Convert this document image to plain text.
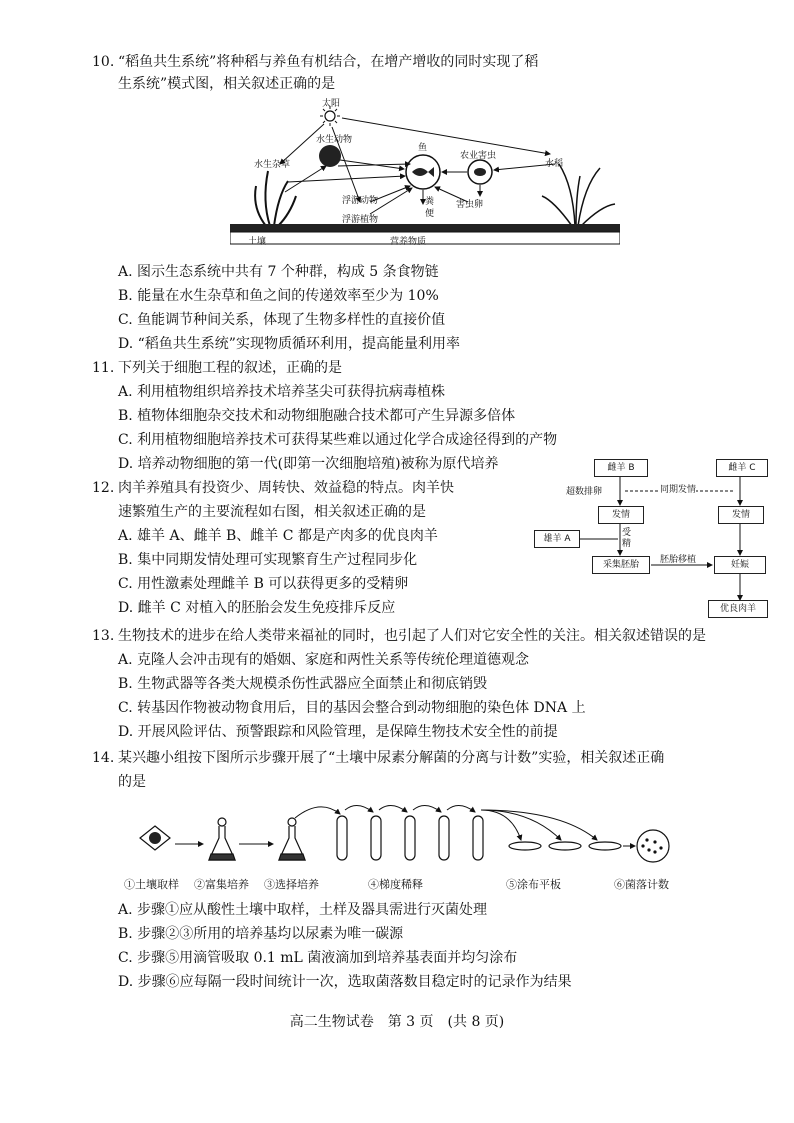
10. “稻鱼共生系统”将种稻与养鱼有机结合，在增产增收的同时实现了稻
生系统”模式图，相关叙述正确的是
太阳
水生动物
鱼
农业害虫
水生杂草	水稻
浮游动物
浮游植物
粪便
害虫卵
土壤	营养物质
A. 图示生态系统中共有 7 个种群，构成 5 条食物链
B. 能量在水生杂草和鱼之间的传递效率至少为 10%
C. 鱼能调节种间关系，体现了生物多样性的直接价值
D. “稻鱼共生系统”实现物质循环利用，提高能量利用率
11. 下列关于细胞工程的叙述，正确的是
A. 利用植物组织培养技术培养茎尖可获得抗病毒植株
B. 植物体细胞杂交技术和动物细胞融合技术都可产生异源多倍体
C. 利用植物细胞培养技术可获得某些难以通过化学合成途径得到的产物
D. 培养动物细胞的第一代(即第一次细胞培殖)被称为原代培养
12. 肉羊养殖具有投资少、周转快、效益稳的特点。肉羊快
速繁殖生产的主要流程如右图，相关叙述正确的是
A. 雄羊 A、雌羊 B、雌羊 C 都是产肉多的优良肉羊
B. 集中同期发情处理可实现繁育生产过程同步化
C. 用性激素处理雌羊 B 可以获得更多的受精卵
D. 雌羊 C 对植入的胚胎会发生免疫排斥反应
雌羊 B	雌羊 C
超数排卵	同期发情
发情	发情
雄羊 A
受精
采集胚胎	胚胎移植	妊娠
优良肉羊
13. 生物技术的进步在给人类带来福祉的同时，也引起了人们对它安全性的关注。相关叙述错误的是
A. 克隆人会冲击现有的婚姻、家庭和两性关系等传统伦理道德观念
B. 生物武器等各类大规模杀伤性武器应全面禁止和彻底销毁
C. 转基因作物被动物食用后，目的基因会整合到动物细胞的染色体 DNA 上
D. 开展风险评估、预警跟踪和风险管理，是保障生物技术安全性的前提
14. 某兴趣小组按下图所示步骤开展了“土壤中尿素分解菌的分离与计数”实验，相关叙述正确
的是
①土壤取样 ②富集培养 ③选择培养	④梯度稀释	⑤涂布平板	⑥菌落计数
A. 步骤①应从酸性土壤中取样，土样及器具需进行灭菌处理
B. 步骤②③所用的培养基均以尿素为唯一碳源
C. 步骤⑤用滴管吸取 0.1 mL 菌液滴加到培养基表面并均匀涂布
D. 步骤⑥应每隔一段时间统计一次，选取菌落数目稳定时的记录作为结果
高二生物试卷　第 3 页　(共 8 页)
